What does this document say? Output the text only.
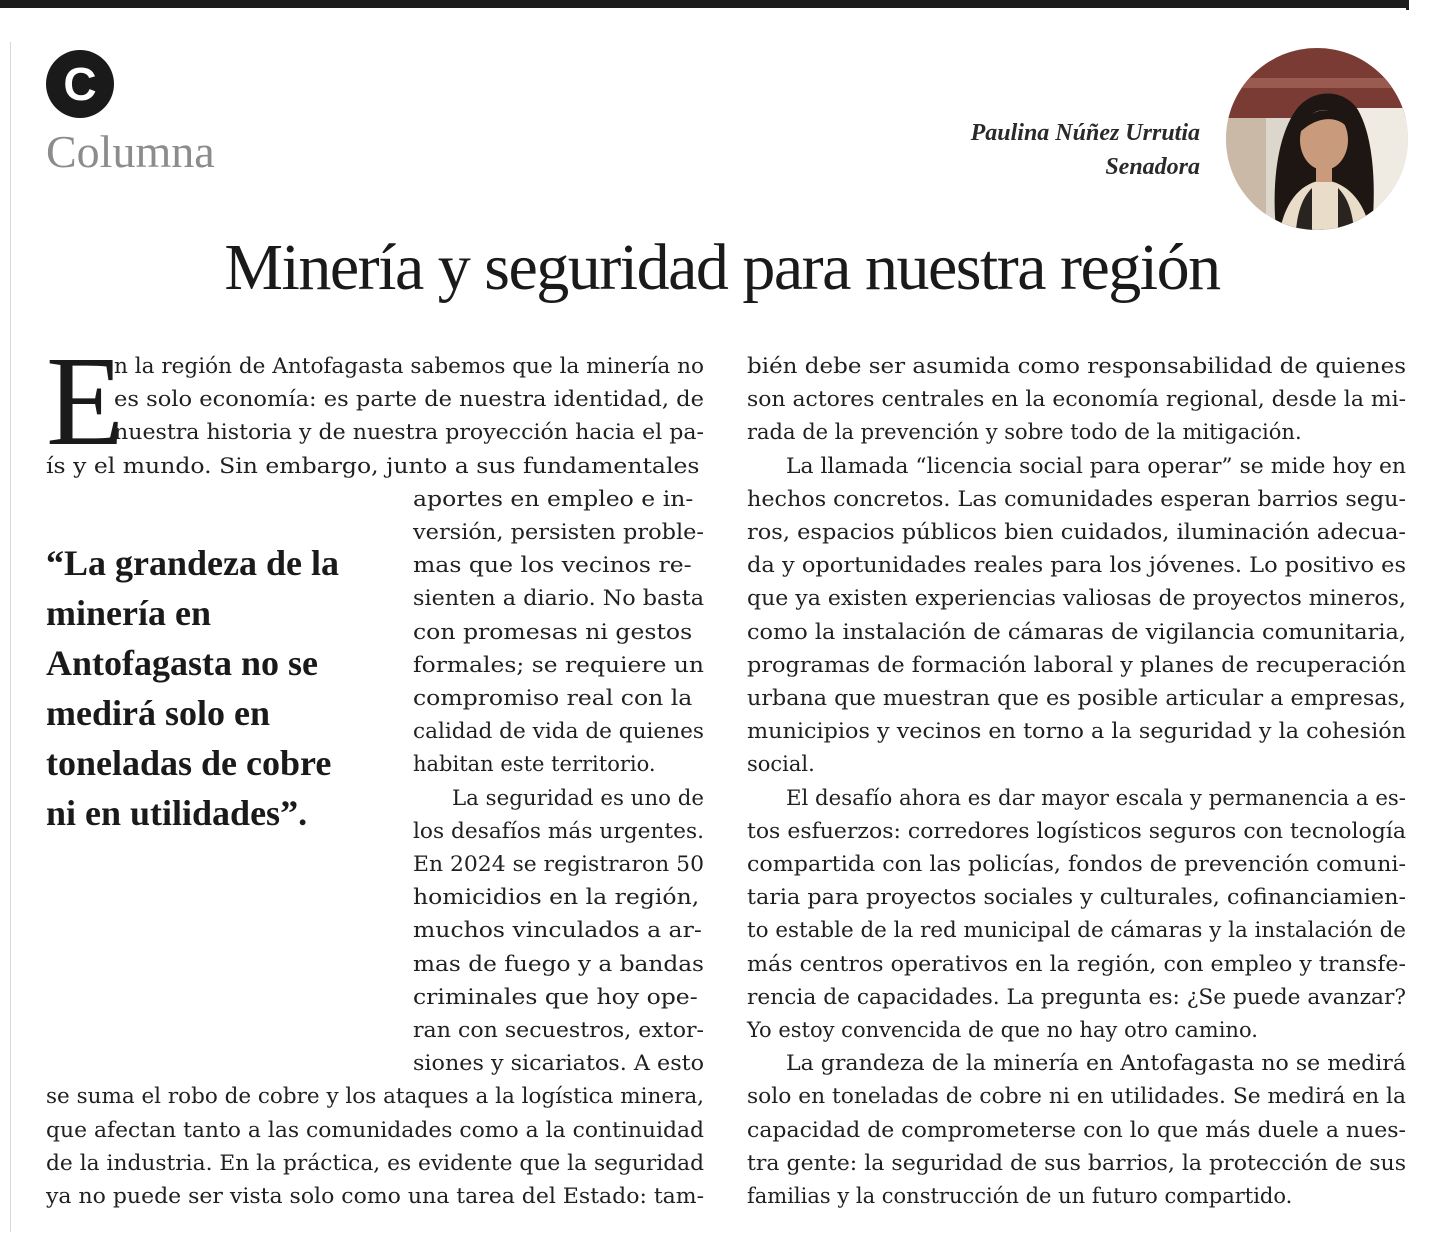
C
Columna	Paulina Núñez Urrutia
Senadora
Minería y seguridad para nuestra región
E
“La grandeza de la
minería en
Antofagasta no se
medirá solo en
toneladas de cobre
ni en utilidades”.
n la región de Antofagasta sabemos que la minería no
es solo economía: es parte de nuestra identidad, de
nuestra historia y de nuestra proyección hacia el pa-
ís y el mundo. Sin embargo, junto a sus fundamentales
aportes en empleo e in-
versión, persisten proble-
mas que los vecinos re-
sienten a diario. No basta
con promesas ni gestos
formales; se requiere un
compromiso real con la
calidad de vida de quienes
habitan este territorio.
La seguridad es uno de
los desafíos más urgentes.
En 2024 se registraron 50
homicidios en la región,
muchos vinculados a ar-
mas de fuego y a bandas
criminales que hoy ope-
ran con secuestros, extor-
siones y sicariatos. A esto
se suma el robo de cobre y los ataques a la logística minera,
que afectan tanto a las comunidades como a la continuidad
de la industria. En la práctica, es evidente que la seguridad
ya no puede ser vista solo como una tarea del Estado: tam-
bién debe ser asumida como responsabilidad de quienes
son actores centrales en la economía regional, desde la mi-
rada de la prevención y sobre todo de la mitigación.
La llamada “licencia social para operar” se mide hoy en
hechos concretos. Las comunidades esperan barrios segu-
ros, espacios públicos bien cuidados, iluminación adecua-
da y oportunidades reales para los jóvenes. Lo positivo es
que ya existen experiencias valiosas de proyectos mineros,
como la instalación de cámaras de vigilancia comunitaria,
programas de formación laboral y planes de recuperación
urbana que muestran que es posible articular a empresas,
municipios y vecinos en torno a la seguridad y la cohesión
social.
El desafío ahora es dar mayor escala y permanencia a es-
tos esfuerzos: corredores logísticos seguros con tecnología
compartida con las policías, fondos de prevención comuni-
taria para proyectos sociales y culturales, cofinanciamien-
to estable de la red municipal de cámaras y la instalación de
más centros operativos en la región, con empleo y transfe-
rencia de capacidades. La pregunta es: ¿Se puede avanzar?
Yo estoy convencida de que no hay otro camino.
La grandeza de la minería en Antofagasta no se medirá
solo en toneladas de cobre ni en utilidades. Se medirá en la
capacidad de comprometerse con lo que más duele a nues-
tra gente: la seguridad de sus barrios, la protección de sus
familias y la construcción de un futuro compartido.
